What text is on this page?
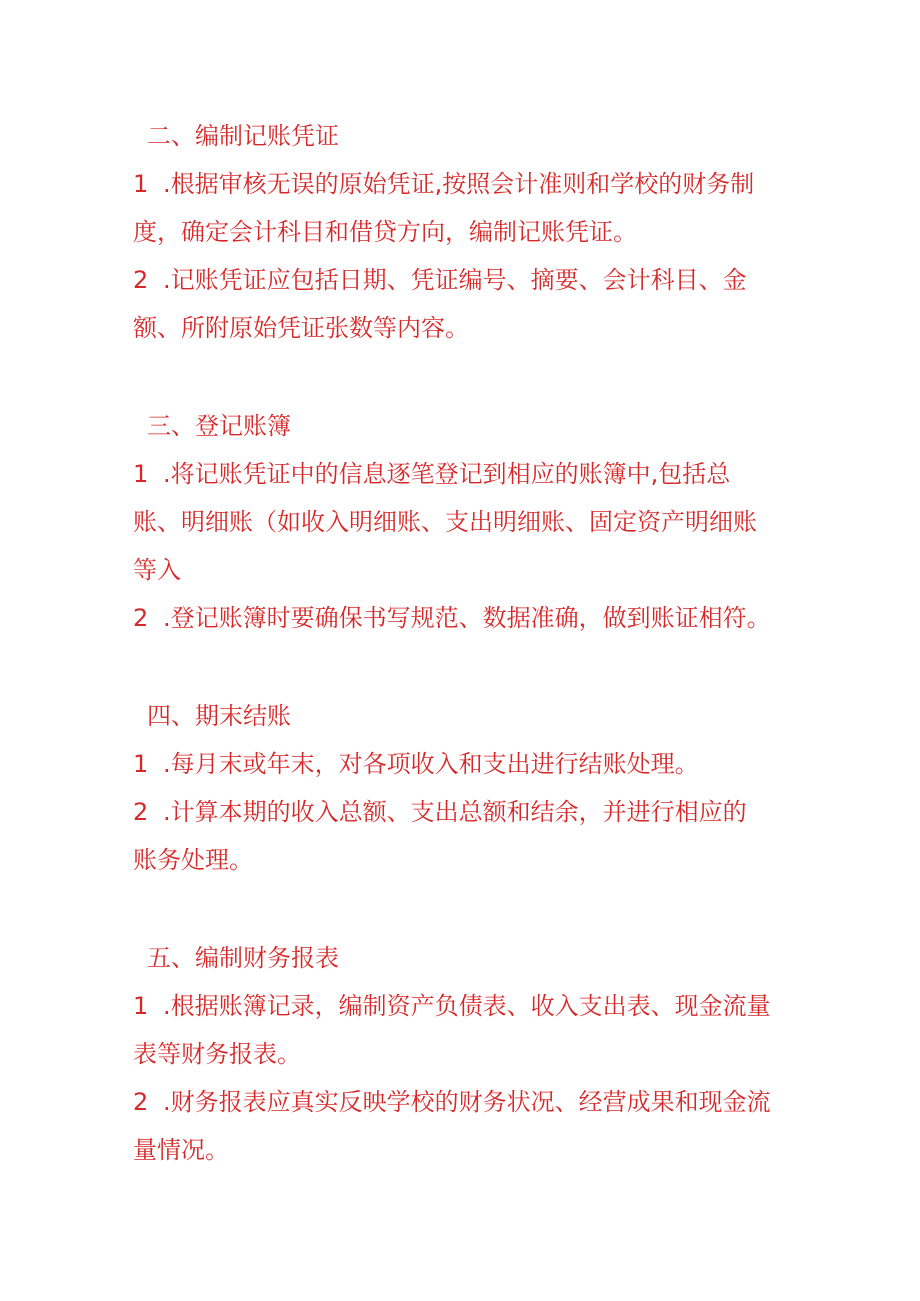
二、编制记账凭证
1 .根据审核无误的原始凭证,按照会计准则和学校的财务制
度，确定会计科目和借贷方向，编制记账凭证。
2 .记账凭证应包括日期、凭证编号、摘要、会计科目、金
额、所附原始凭证张数等内容。
三、登记账簿
1 .将记账凭证中的信息逐笔登记到相应的账簿中,包括总
账、明细账（如收入明细账、支出明细账、固定资产明细账
等入
2 .登记账簿时要确保书写规范、数据准确，做到账证相符。
四、期末结账
1 .每月末或年末，对各项收入和支出进行结账处理。
2 .计算本期的收入总额、支出总额和结余，并进行相应的
账务处理。
五、编制财务报表
1 .根据账簿记录，编制资产负债表、收入支出表、现金流量
表等财务报表。
2 .财务报表应真实反映学校的财务状况、经营成果和现金流
量情况。
